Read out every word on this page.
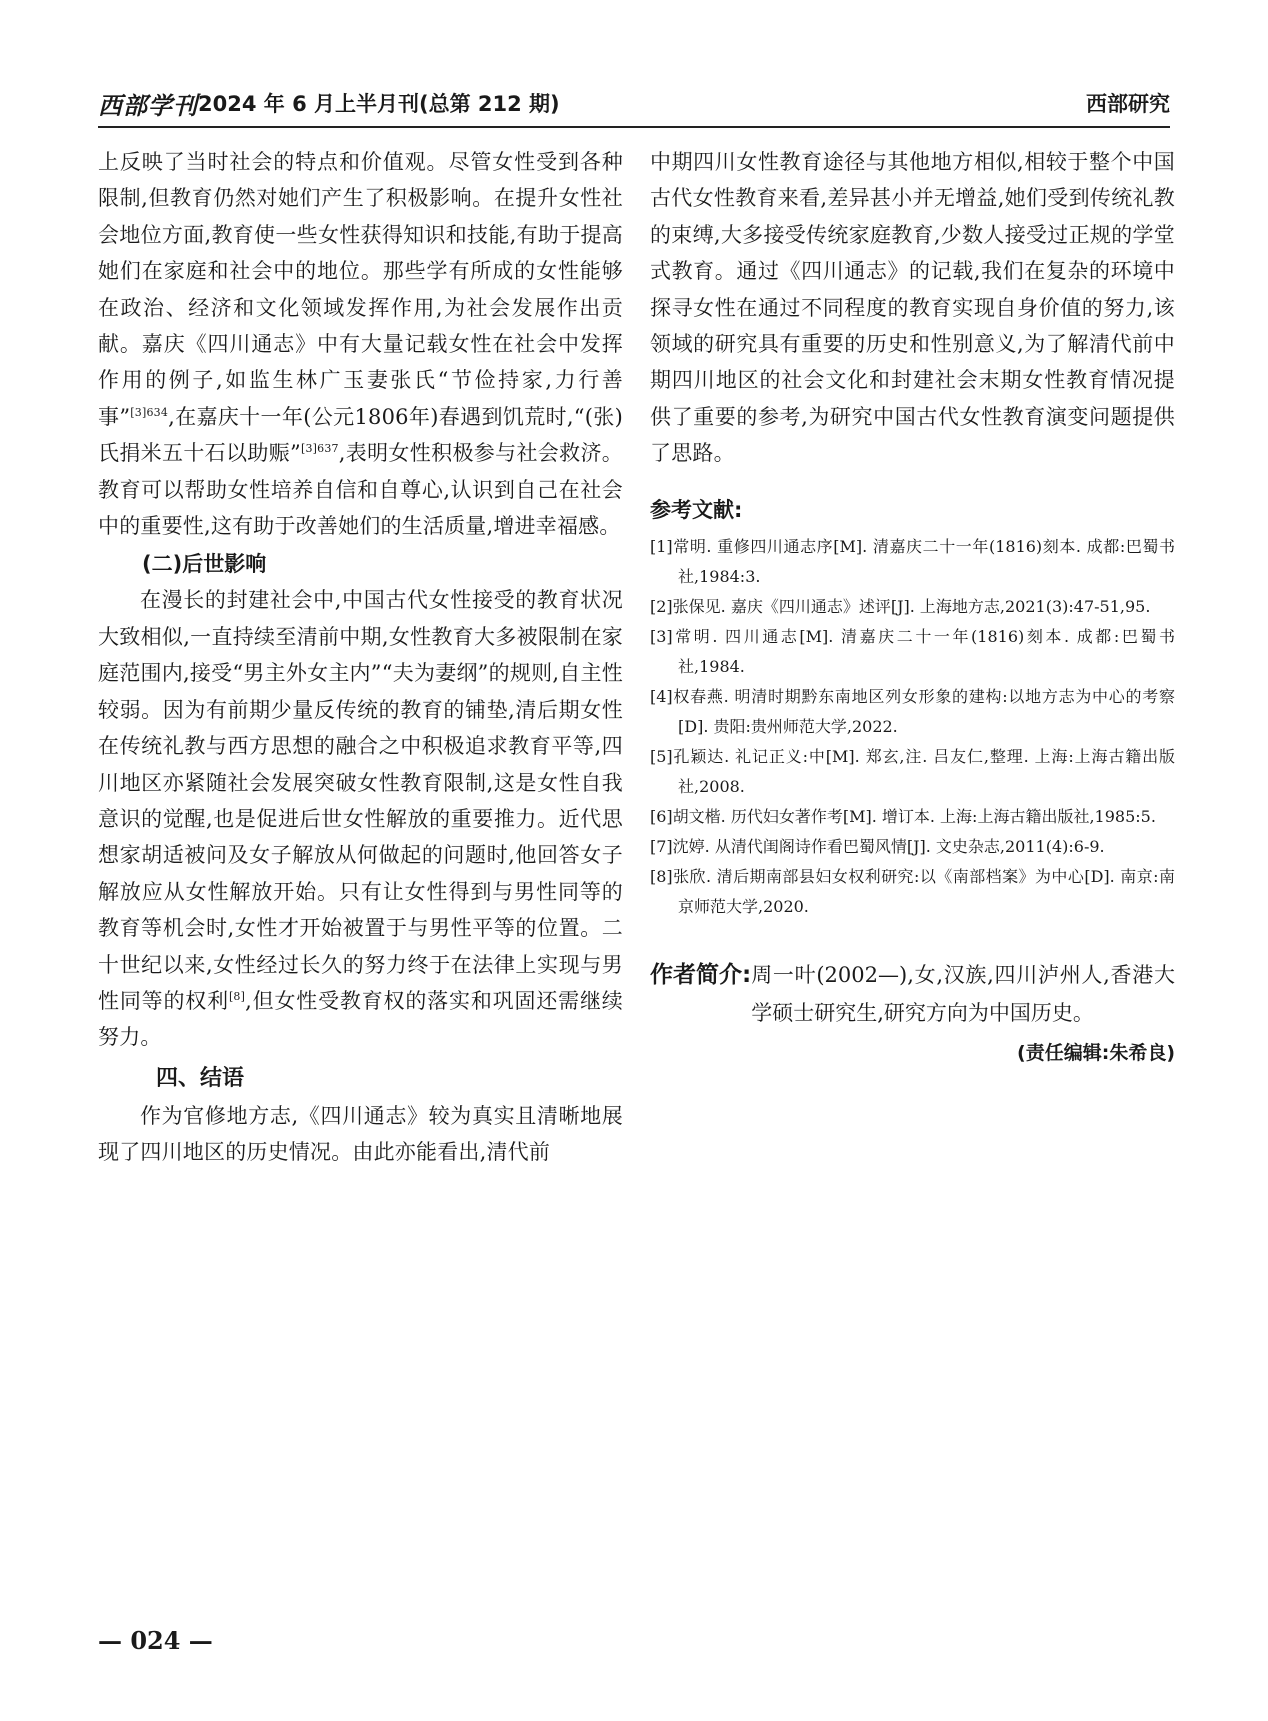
西部学刊 2024 年 6 月上半月刊(总第 212 期)	西部研究

上反映了当时社会的特点和价值观。尽管女性受到各种限制,但教育仍然对她们产生了积极影响。在提升女性社会地位方面,教育使一些女性获得知识和技能,有助于提高她们在家庭和社会中的地位。那些学有所成的女性能够在政治、经济和文化领域发挥作用,为社会发展作出贡献。嘉庆《四川通志》中有大量记载女性在社会中发挥作用的例子,如监生林广玉妻张氏“节俭持家,力行善事”$^{[3]634}$,在嘉庆十一年(公元1806年)春遇到饥荒时,“(张)氏捐米五十石以助赈”$^{[3]637}$,表明女性积极参与社会救济。教育可以帮助女性培养自信和自尊心,认识到自己在社会中的重要性,这有助于改善她们的生活质量,增进幸福感。

(二)后世影响

在漫长的封建社会中,中国古代女性接受的教育状况大致相似,一直持续至清前中期,女性教育大多被限制在家庭范围内,接受“男主外女主内”“夫为妻纲”的规则,自主性较弱。因为有前期少量反传统的教育的铺垫,清后期女性在传统礼教与西方思想的融合之中积极追求教育平等,四川地区亦紧随社会发展突破女性教育限制,这是女性自我意识的觉醒,也是促进后世女性解放的重要推力。近代思想家胡适被问及女子解放从何做起的问题时,他回答女子解放应从女性解放开始。只有让女性得到与男性同等的教育等机会时,女性才开始被置于与男性平等的位置。二十世纪以来,女性经过长久的努力终于在法律上实现与男性同等的权利[8],但女性受教育权的落实和巩固还需继续努力。

四、结语

作为官修地方志,《四川通志》较为真实且清晰地展现了四川地区的历史情况。由此亦能看出,清代前

中期四川女性教育途径与其他地方相似,相较于整个中国古代女性教育来看,差异甚小并无增益,她们受到传统礼教的束缚,大多接受传统家庭教育,少数人接受过正规的学堂式教育。通过《四川通志》的记载,我们在复杂的环境中探寻女性在通过不同程度的教育实现自身价值的努力,该领域的研究具有重要的历史和性别意义,为了解清代前中期四川地区的社会文化和封建社会末期女性教育情况提供了重要的参考,为研究中国古代女性教育演变问题提供了思路。

参考文献:
[1]常明. 重修四川通志序[M]. 清嘉庆二十一年(1816)刻本. 成都:巴蜀书社,1984:3.
[2]张保见. 嘉庆《四川通志》述评[J]. 上海地方志,2021(3):47-51,95.
[3]常明. 四川通志[M]. 清嘉庆二十一年(1816)刻本. 成都:巴蜀书社,1984.
[4]权春燕. 明清时期黔东南地区列女形象的建构:以地方志为中心的考察[D]. 贵阳:贵州师范大学,2022.
[5]孔颖达. 礼记正义:中[M]. 郑玄,注. 吕友仁,整理. 上海:上海古籍出版社,2008.
[6]胡文楷. 历代妇女著作考[M]. 增订本. 上海:上海古籍出版社,1985:5.
[7]沈婷. 从清代闺阁诗作看巴蜀风情[J]. 文史杂志,2011(4):6-9.
[8]张欣. 清后期南部县妇女权利研究:以《南部档案》为中心[D]. 南京:南京师范大学,2020.
作者简介: 周一叶(2002—),女,汉族,四川泸州人,香港大学硕士研究生,研究方向为中国历史。
(责任编辑:朱希良)
— 024 —
